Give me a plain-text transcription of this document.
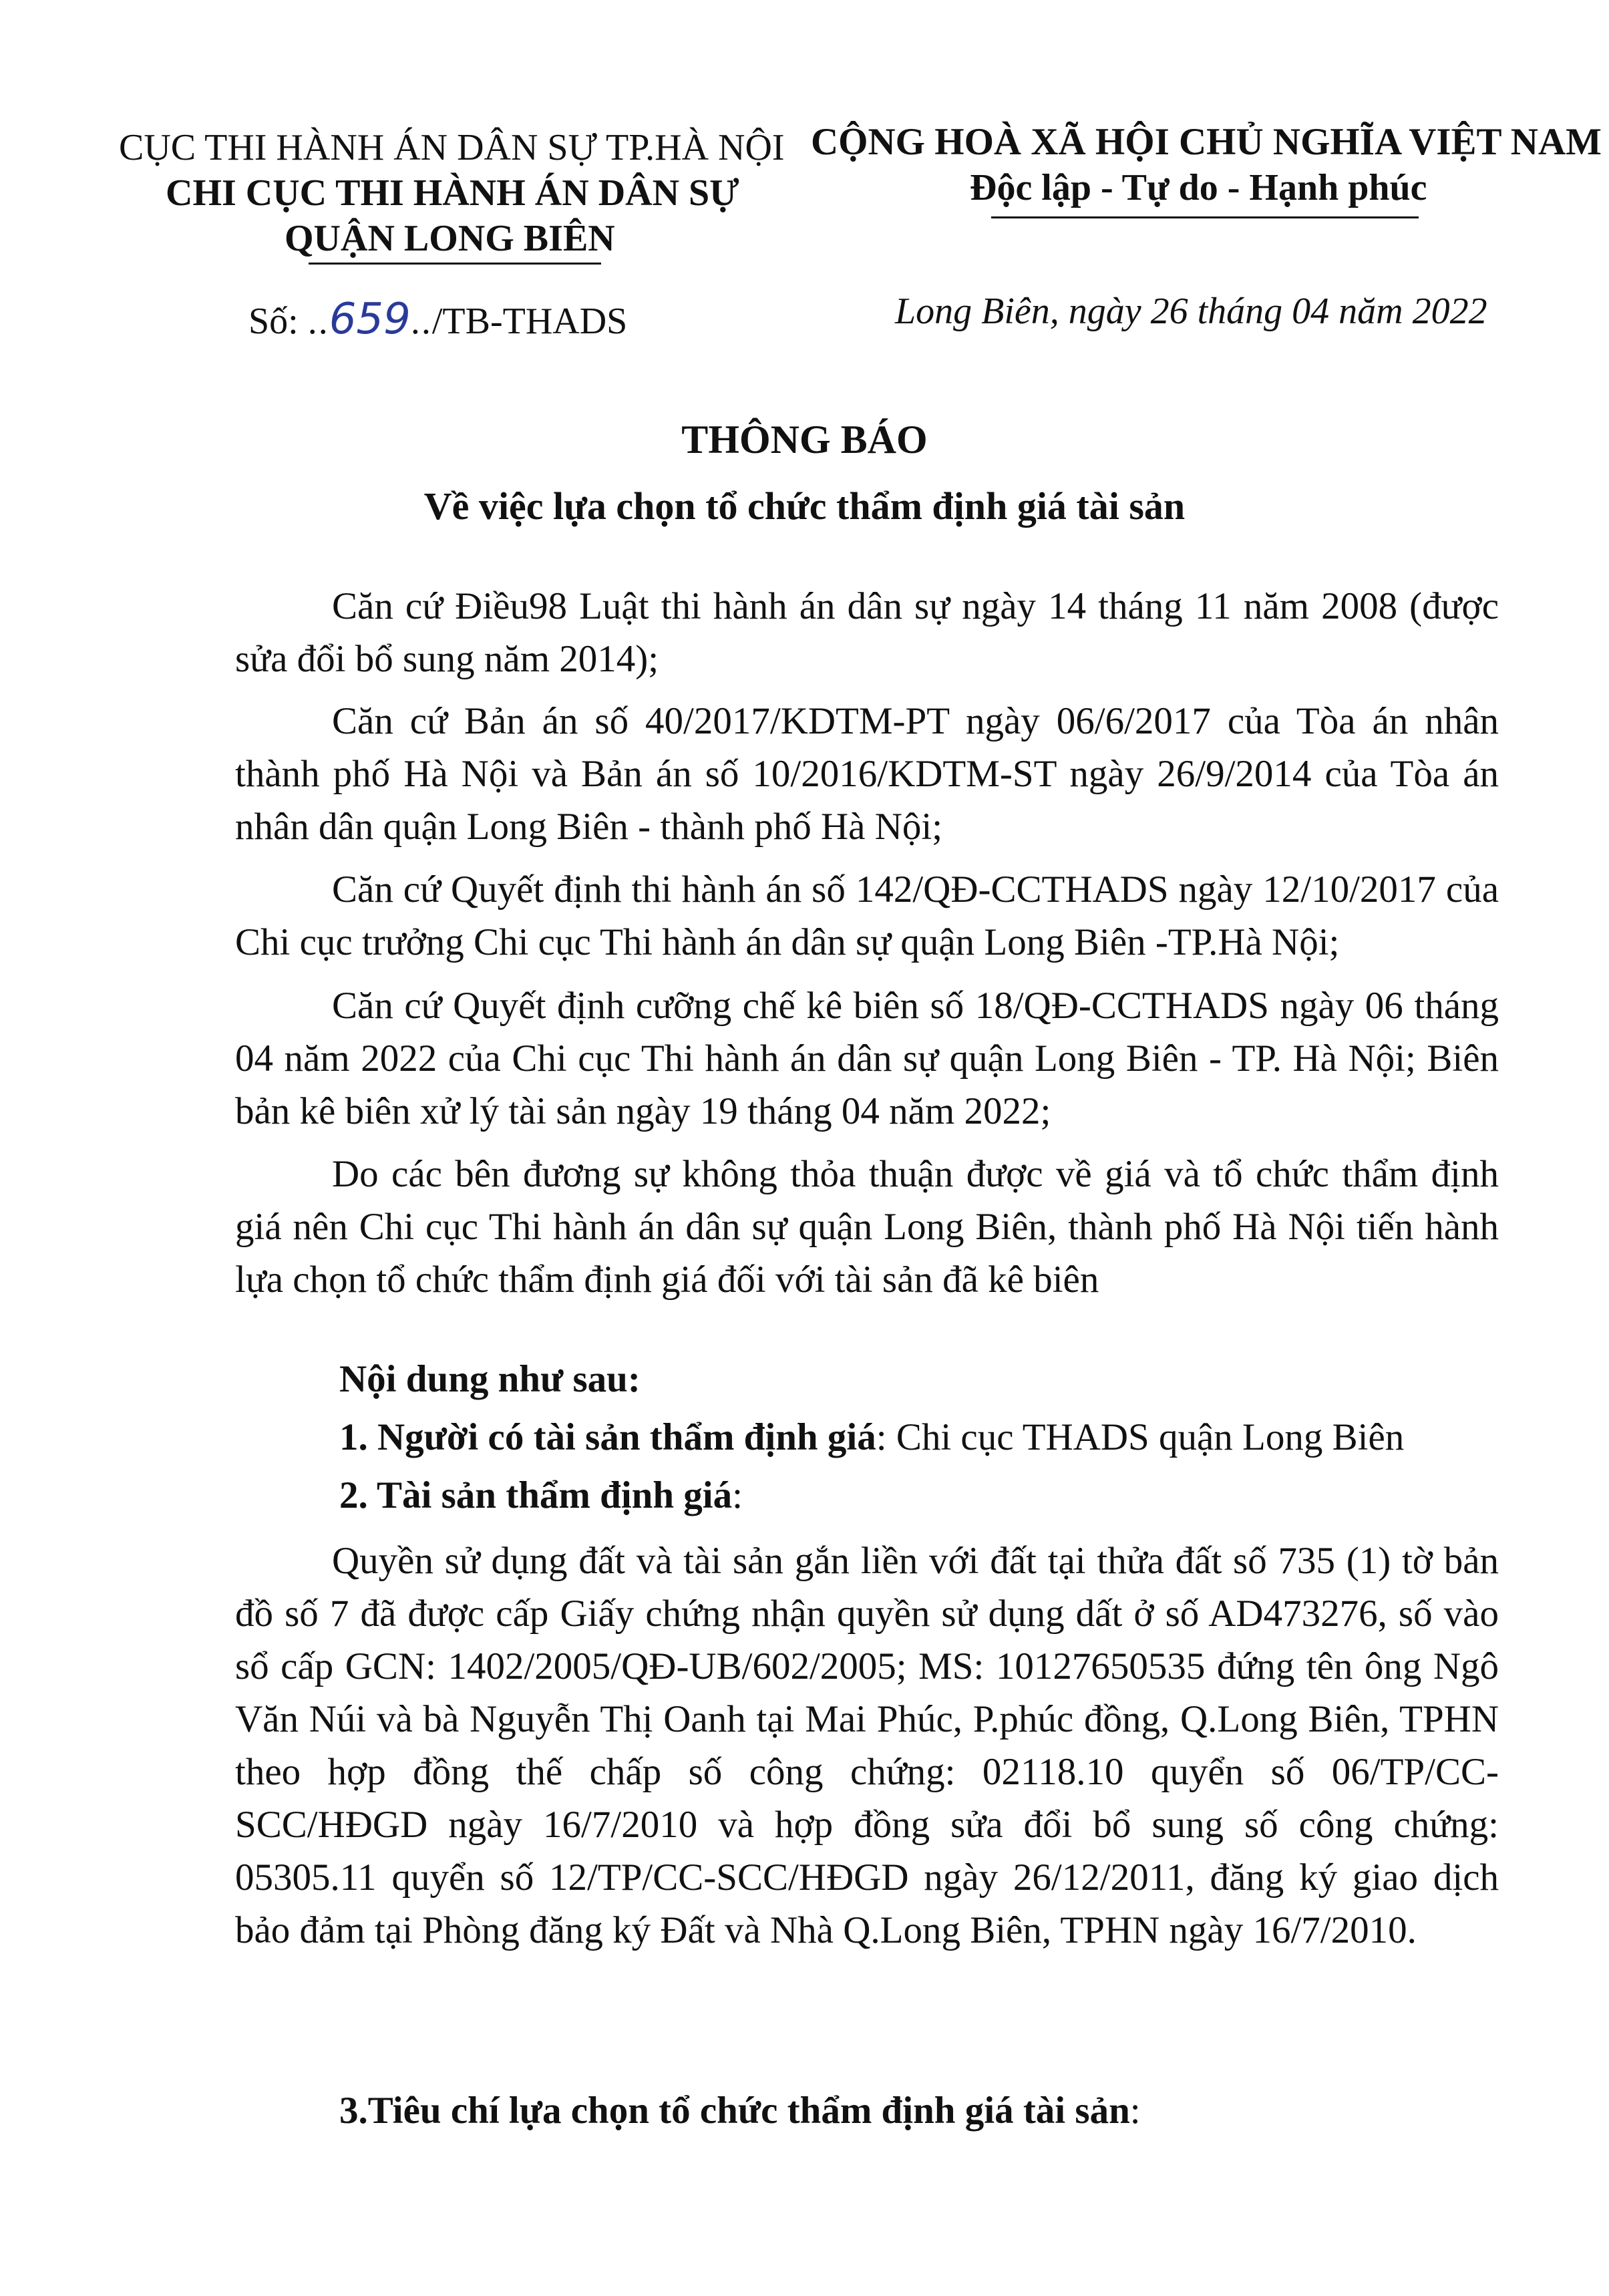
CỤC THI HÀNH ÁN DÂN SỰ TP.HÀ NỘI
CHI CỤC THI HÀNH ÁN DÂN SỰ
QUẬN LONG BIÊN
Số: ..659../TB-THADS
CỘNG HOÀ XÃ HỘI CHỦ NGHĨA VIỆT NAM
Độc lập - Tự do - Hạnh phúc
Long Biên, ngày 26 tháng 04 năm 2022
THÔNG BÁO
Về việc lựa chọn tổ chức thẩm định giá tài sản

Căn cứ Điều98 Luật thi hành án dân sự ngày 14 tháng 11 năm 2008 (được sửa đổi bổ sung năm 2014);

Căn cứ Bản án số 40/2017/KDTM-PT ngày 06/6/2017 của Tòa án nhân thành phố Hà Nội và Bản án số 10/2016/KDTM-ST ngày 26/9/2014 của Tòa án nhân dân quận Long Biên - thành phố Hà Nội;

Căn cứ Quyết định thi hành án số 142/QĐ-CCTHADS ngày 12/10/2017 của Chi cục trưởng Chi cục Thi hành án dân sự quận Long Biên -TP.Hà Nội;

Căn cứ Quyết định cưỡng chế kê biên số 18/QĐ-CCTHADS ngày 06 tháng 04 năm 2022 của Chi cục Thi hành án dân sự quận Long Biên - TP. Hà Nội; Biên bản kê biên xử lý tài sản ngày 19 tháng 04 năm 2022;

Do các bên đương sự không thỏa thuận được về giá và tổ chức thẩm định giá nên Chi cục Thi hành án dân sự quận Long Biên, thành phố Hà Nội tiến hành lựa chọn tổ chức thẩm định giá đối với tài sản đã kê biên

Nội dung như sau:
1. Người có tài sản thẩm định giá: Chi cục THADS quận Long Biên
2. Tài sản thẩm định giá:

Quyền sử dụng đất và tài sản gắn liền với đất tại thửa đất số 735 (1) tờ bản đồ số 7 đã được cấp Giấy chứng nhận quyền sử dụng dất ở số AD473276, số vào sổ cấp GCN: 1402/2005/QĐ-UB/602/2005; MS: 10127650535 đứng tên ông Ngô Văn Núi và bà Nguyễn Thị Oanh tại Mai Phúc, P.phúc đồng, Q.Long Biên, TPHN theo hợp đồng thế chấp số công chứng: 02118.10 quyển số 06/TP/CC-SCC/HĐGD ngày 16/7/2010 và hợp đồng sửa đổi bổ sung số công chứng: 05305.11 quyển số 12/TP/CC-SCC/HĐGD ngày 26/12/2011, đăng ký giao dịch bảo đảm tại Phòng đăng ký Đất và Nhà Q.Long Biên, TPHN ngày 16/7/2010.

3.Tiêu chí lựa chọn tổ chức thẩm định giá tài sản:
